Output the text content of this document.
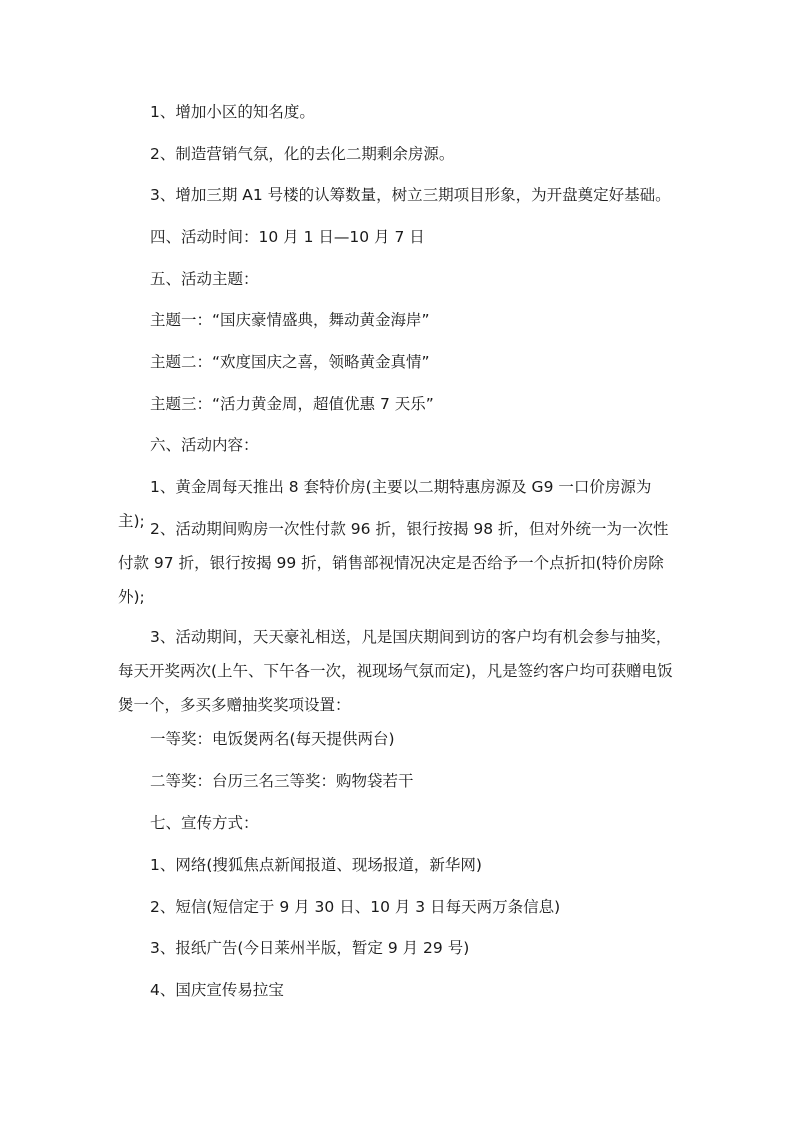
1、增加小区的知名度。

2、制造营销气氛，化的去化二期剩余房源。

3、增加三期 A1 号楼的认筹数量，树立三期项目形象，为开盘奠定好基础。

四、活动时间：10 月 1 日—10 月 7 日

五、活动主题：

主题一：“国庆豪情盛典，舞动黄金海岸”

主题二：“欢度国庆之喜，领略黄金真情”

主题三：“活力黄金周，超值优惠 7 天乐”

六、活动内容：

1、黄金周每天推出 8 套特价房(主要以二期特惠房源及 G9 一口价房源为主); 2、活动期间购房一次性付款 96 折，银行按揭 98 折，但对外统一为一次性付款 97 折，银行按揭 99 折，销售部视情况决定是否给予一个点折扣(特价房除外);

3、活动期间，天天豪礼相送，凡是国庆期间到访的客户均有机会参与抽奖，每天开奖两次(上午、下午各一次，视现场气氛而定)，凡是签约客户均可获赠电饭煲一个，多买多赠抽奖奖项设置：

一等奖：电饭煲两名(每天提供两台)

二等奖：台历三名三等奖：购物袋若干

七、宣传方式：

1、网络(搜狐焦点新闻报道、现场报道，新华网)

2、短信(短信定于 9 月 30 日、10 月 3 日每天两万条信息)

3、报纸广告(今日莱州半版，暂定 9 月 29 号)

4、国庆宣传易拉宝
